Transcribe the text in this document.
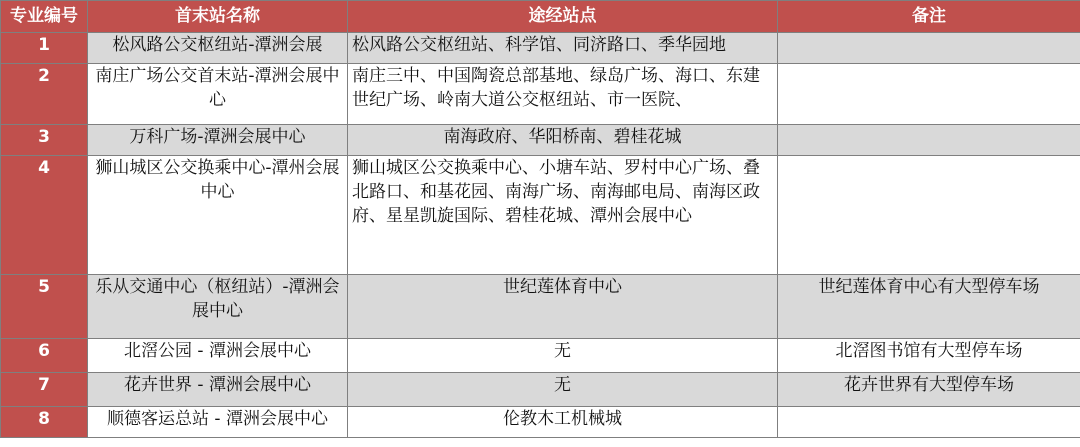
专业编号	首末站名称	途经站点	备注
1	松风路公交枢纽站-潭洲会展	松风路公交枢纽站、科学馆、同济路口、季华园地	
2	南庄广场公交首末站-潭洲会展中心	南庄三中、中国陶瓷总部基地、绿岛广场、海口、东建世纪广场、岭南大道公交枢纽站、市一医院、	
3	万科广场-潭洲会展中心	南海政府、华阳桥南、碧桂花城	
4	狮山城区公交换乘中心-潭州会展中心	狮山城区公交换乘中心、小塘车站、罗村中心广场、叠北路口、和基花园、南海广场、南海邮电局、南海区政府、星星凯旋国际、碧桂花城、潭州会展中心	
5	乐从交通中心（枢纽站）-潭洲会展中心	世纪莲体育中心	世纪莲体育中心有大型停车场
6	北滘公园 - 潭洲会展中心	无	北滘图书馆有大型停车场
7	花卉世界 - 潭洲会展中心	无	花卉世界有大型停车场
8	顺德客运总站 - 潭洲会展中心	伦教木工机械城	
